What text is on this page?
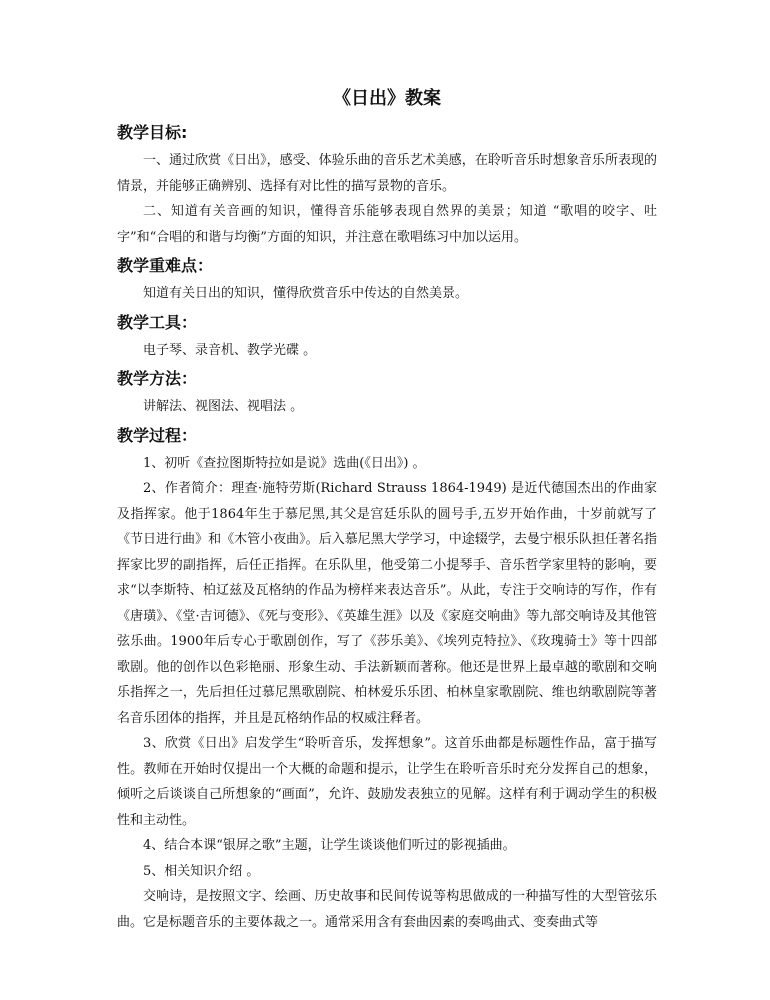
《日出》教案
教学目标:

一、通过欣赏《日出》，感受、体验乐曲的音乐艺术美感，在聆听音乐时想象音乐所表现的情景，并能够正确辨别、选择有对比性的描写景物的音乐。

二、知道有关音画的知识，懂得音乐能够表现自然界的美景；知道 “歌唱的咬字、吐字”和“合唱的和谐与均衡”方面的知识，并注意在歌唱练习中加以运用。

教学重难点：

知道有关日出的知识，懂得欣赏音乐中传达的自然美景。

教学工具：

电子琴、录音机、教学光碟 。

教学方法：

讲解法、视图法、视唱法 。

教学过程：

1、初听《查拉图斯特拉如是说》选曲(《日出》) 。

2、作者简介：理查·施特劳斯(Richard Strauss 1864-1949) 是近代德国杰出的作曲家及指挥家。他于1864年生于慕尼黑,其父是宫廷乐队的圆号手,五岁开始作曲，十岁前就写了《节日进行曲》和《木管小夜曲》。后入慕尼黑大学学习，中途辍学，去曼宁根乐队担任著名指挥家比罗的副指挥，后任正指挥。在乐队里，他受第二小提琴手、音乐哲学家里特的影响，要求“以李斯特、柏辽兹及瓦格纳的作品为榜样来表达音乐”。从此，专注于交响诗的写作，作有《唐璜》、《堂·吉诃德》、《死与变形》、《英雄生涯》以及《家庭交响曲》等九部交响诗及其他管弦乐曲。1900年后专心于歌剧创作，写了《莎乐美》、《埃列克特拉》、《玫瑰骑士》等十四部歌剧。他的创作以色彩艳丽、形象生动、手法新颖而著称。他还是世界上最卓越的歌剧和交响乐指挥之一，先后担任过慕尼黑歌剧院、柏林爱乐乐团、柏林皇家歌剧院、维也纳歌剧院等著名音乐团体的指挥，并且是瓦格纳作品的权威注释者。

3、欣赏《日出》启发学生“聆听音乐，发挥想象”。这首乐曲都是标题性作品，富于描写性。教师在开始时仅提出一个大概的命题和提示，让学生在聆听音乐时充分发挥自己的想象，倾听之后谈谈自己所想象的“画面”，允许、鼓励发表独立的见解。这样有利于调动学生的积极性和主动性。

4、结合本课“银屏之歌”主题，让学生谈谈他们听过的影视插曲。

5、相关知识介绍 。

交响诗，是按照文字、绘画、历史故事和民间传说等构思做成的一种描写性的大型管弦乐曲。它是标题音乐的主要体裁之一。通常采用含有套曲因素的奏鸣曲式、变奏曲式等
